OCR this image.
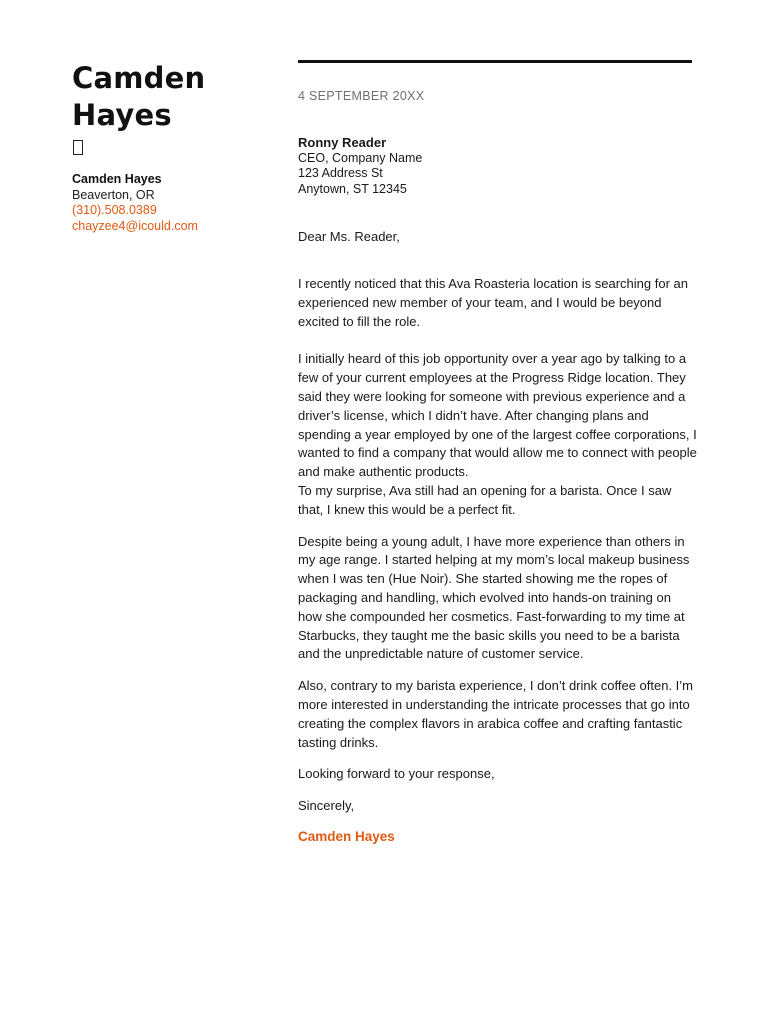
Camden
Hayes
Camden Hayes
Beaverton, OR
(310).508.0389
chayzee4@icould.com
4 SEPTEMBER 20XX
Ronny Reader
CEO, Company Name
123 Address St
Anytown, ST 12345
Dear Ms. Reader,

I recently noticed that this Ava Roasteria location is searching for an experienced new member of your team, and I would be beyond excited to fill the role.

I initially heard of this job opportunity over a year ago by talking to a few of your current employees at the Progress Ridge location. They said they were looking for someone with previous experience and a driver’s license, which I didn’t have. After changing plans and spending a year employed by one of the largest coffee corporations, I wanted to find a company that would allow me to connect with people and make authentic products.

To my surprise, Ava still had an opening for a barista. Once I saw that, I knew this would be a perfect fit.

Despite being a young adult, I have more experience than others in my age range. I started helping at my mom’s local makeup business when I was ten (Hue Noir). She started showing me the ropes of packaging and handling, which evolved into hands-on training on how she compounded her cosmetics. Fast-forwarding to my time at Starbucks, they taught me the basic skills you need to be a barista and the unpredictable nature of customer service.

Also, contrary to my barista experience, I don’t drink coffee often. I’m more interested in understanding the intricate processes that go into creating the complex flavors in arabica coffee and crafting fantastic tasting drinks.

Looking forward to your response,

Sincerely,

Camden Hayes
